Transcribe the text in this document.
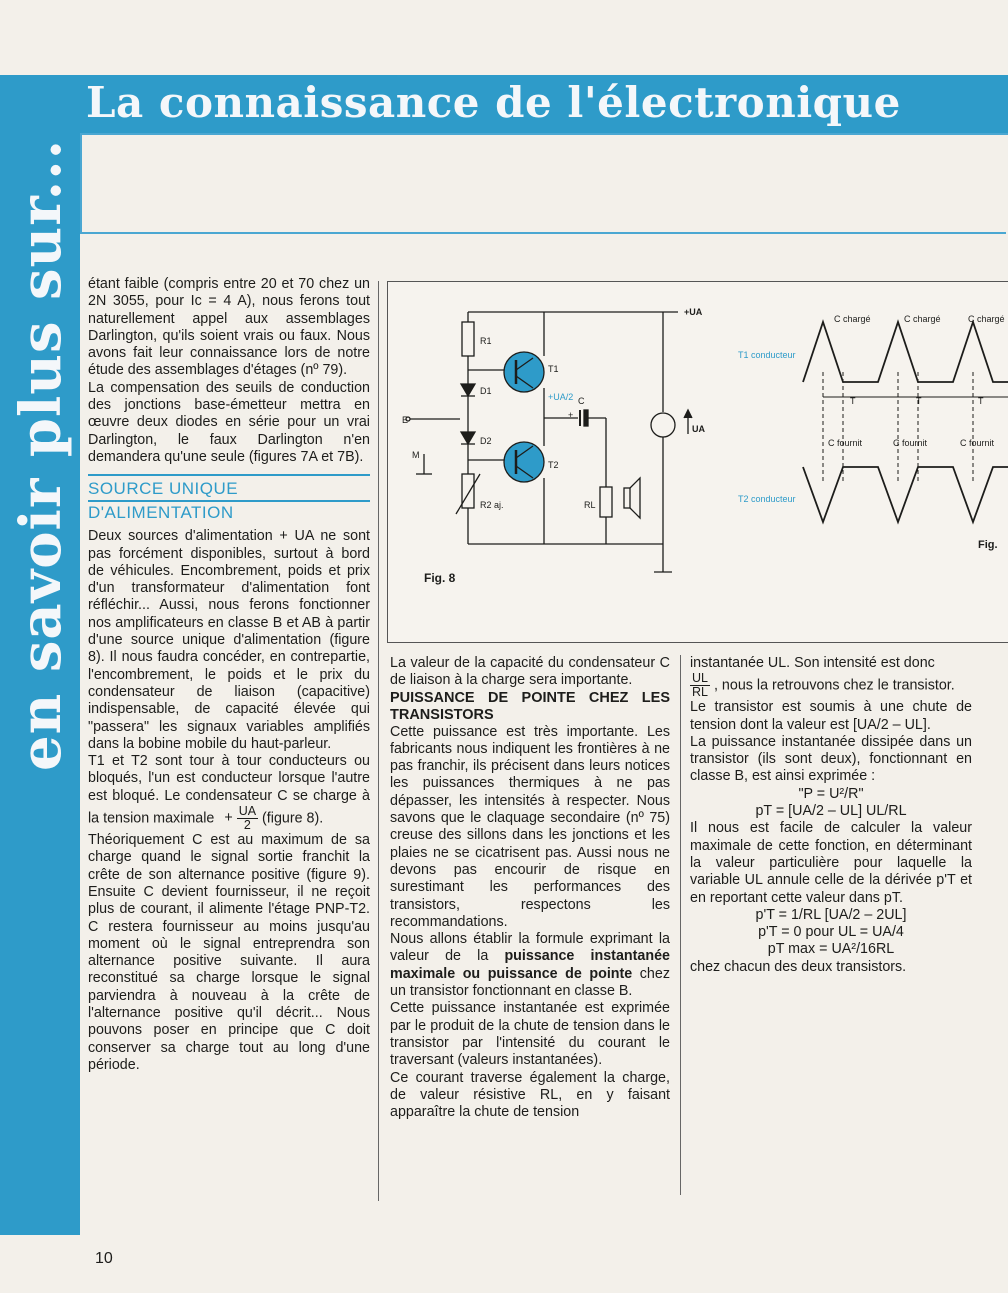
en savoir plus sur...
La connaissance de l'électronique

étant faible (compris entre 20 et 70 chez un 2N 3055, pour Ic = 4 A), nous ferons tout naturellement appel aux assemblages Darlington, qu'ils soient vrais ou faux. Nous avons fait leur connaissance lors de notre étude des assemblages d'étages (nº 79).

La compensation des seuils de conduction des jonctions base-émetteur mettra en œuvre deux diodes en série pour un vrai Darlington, le faux Darlington n'en demandera qu'une seule (figures 7A et 7B).

SOURCE UNIQUE
D'ALIMENTATION

Deux sources d'alimentation + UA ne sont pas forcément disponibles, surtout à bord de véhicules. Encombrement, poids et prix d'un transformateur d'alimentation font réfléchir... Aussi, nous ferons fonctionner nos amplificateurs en classe B et AB à partir d'une source unique d'alimentation (figure 8). Il nous faudra concéder, en contrepartie, l'encombrement, le poids et le prix du condensateur de liaison (capacitive) indispensable, de capacité élevée qui "passera" les signaux variables amplifiés dans la bobine mobile du haut-parleur.

T1 et T2 sont tour à tour conducteurs ou bloqués, l'un est conducteur lorsque l'autre est bloqué. Le condensateur C se charge à la tension maximale + $\frac{UA}{2}$ (figure 8).

Théoriquement C est au maximum de sa charge quand le signal sortie franchit la crête de son alternance positive (figure 9). Ensuite C devient fournisseur, il ne reçoit plus de courant, il alimente l'étage PNP-T2. C restera fournisseur au moins jusqu'au moment où le signal entreprendra son alternance positive suivante. Il aura reconstitué sa charge lorsque le signal parviendra à nouveau à la crête de l'alternance positive qu'il décrit... Nous pouvons poser en principe que C doit conserver sa charge tout au long d'une période.

+UA
R1
D1
D2
T1
T2
R2 aj.	RL
C
+
E
M
+UA/2
UA
Fig. 8
T1 conducteur
T2 conducteur
C chargé	C chargé	C chargé
C fournit	C fournit	C fournit
T	T	T
Fig.

La valeur de la capacité du condensateur C de liaison à la charge sera importante.

PUISSANCE DE POINTE CHEZ LES TRANSISTORS

Cette puissance est très importante. Les fabricants nous indiquent les frontières à ne pas franchir, ils précisent dans leurs notices les puissances thermiques à ne pas dépasser, les intensités à respecter. Nous savons que le claquage secondaire (nº 75) creuse des sillons dans les jonctions et les plaies ne se cicatrisent pas. Aussi nous ne devons pas encourir de risque en surestimant les performances des transistors, respectons les recommandations.

Nous allons établir la formule exprimant la valeur de la puissance instantanée maximale ou puissance de pointe chez un transistor fonctionnant en classe B.

Cette puissance instantanée est exprimée par le produit de la chute de tension dans le transistor par l'intensité du courant le traversant (valeurs instantanées).

Ce courant traverse également la charge, de valeur résistive RL, en y faisant apparaître la chute de tension

instantanée UL. Son intensité est donc

$\frac{UL}{RL}$ , nous la retrouvons chez le transistor.

Le transistor est soumis à une chute de tension dont la valeur est [UA/2 – UL].

La puissance instantanée dissipée dans un transistor (ils sont deux), fonctionnant en classe B, est ainsi exprimée :

"P = U²/R"

pT = [UA/2 – UL] UL/RL

Il nous est facile de calculer la valeur maximale de cette fonction, en déterminant la valeur particulière pour laquelle la variable UL annule celle de la dérivée p'T et en reportant cette valeur dans pT.

p'T = 1/RL [UA/2 – 2UL]

p'T = 0 pour UL = UA/4

pT max = UA²/16RL

chez chacun des deux transistors.

10
